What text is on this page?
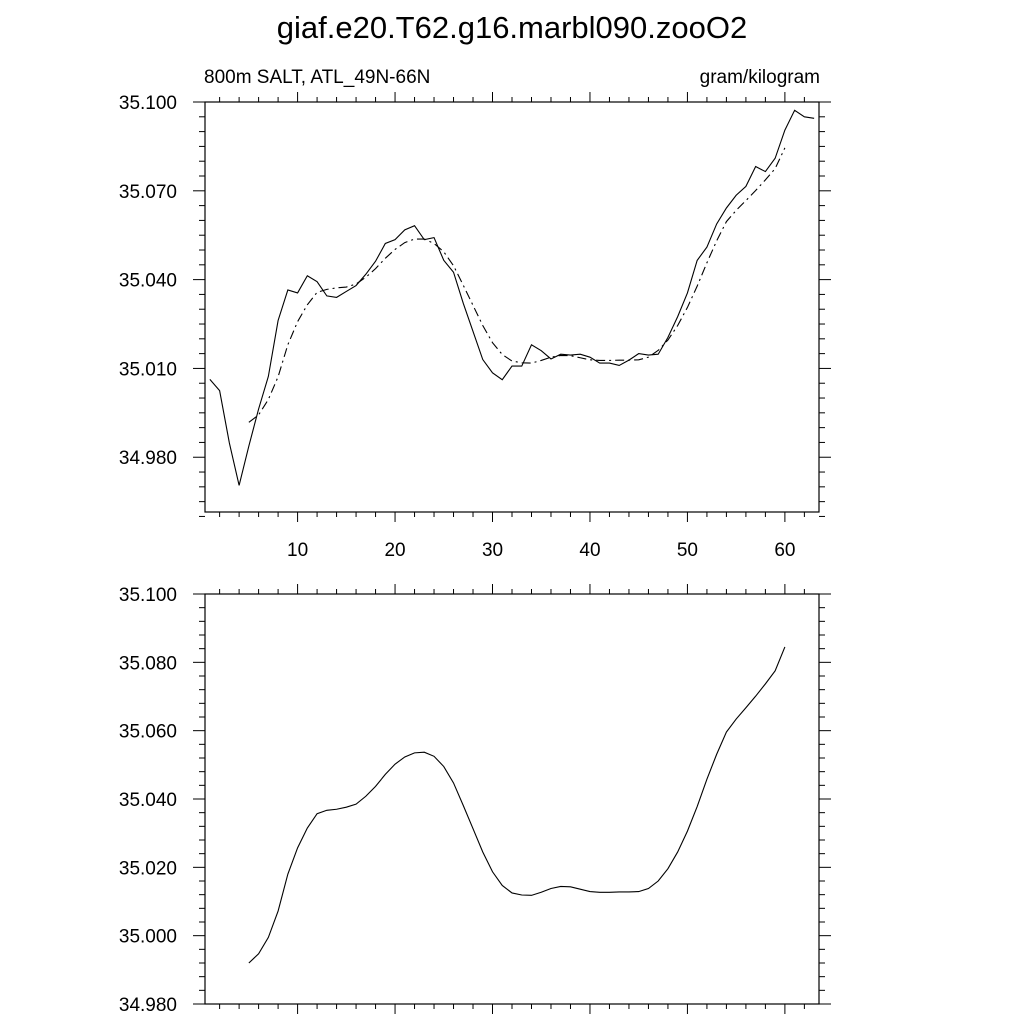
giaf.e20.T62.g16.marbl090.zooO2
800m SALT, ATL_49N-66N	gram/kilogram
35.100
35.070
35.040
35.010
34.980
10	20	30	40	50	60
35.100
35.080
35.060
35.040
35.020
35.000
34.980
